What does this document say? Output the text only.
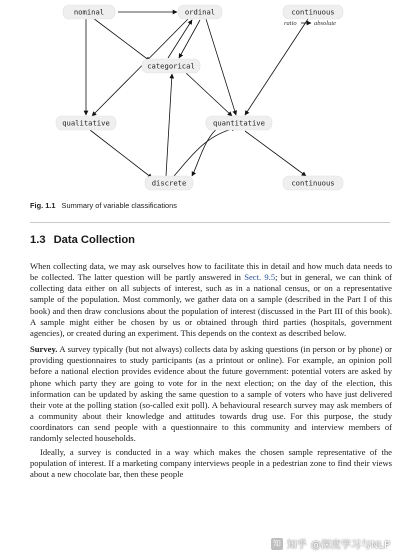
nominal	ordinal	continuous
ratio	absolute
categorical
qualitative	quantitative
discrete	continuous
Fig. 1.1 Summary of variable classifications
1.3 Data Collection

When collecting data, we may ask ourselves how to facilitate this in detail and how much data needs to be collected. The latter question will be partly answered in Sect. 9.5; but in general, we can think of collecting data either on all subjects of interest, such as in a national census, or on a representative sample of the population. Most commonly, we gather data on a sample (described in the Part I of this book) and then draw conclusions about the population of interest (discussed in the Part III of this book). A sample might either be chosen by us or obtained through third parties (hospitals, government agencies), or created during an experiment. This depends on the context as described below.

Survey. A survey typically (but not always) collects data by asking questions (in person or by phone) or providing questionnaires to study participants (as a printout or online). For example, an opinion poll before a national election provides evidence about the future government: potential voters are asked by phone which party they are going to vote for in the next election; on the day of the election, this information can be updated by asking the same question to a sample of voters who have just delivered their vote at the polling station (so-called exit poll). A behavioural research survey may ask members of a community about their knowledge and attitudes towards drug use. For this purpose, the study coordinators can send people with a questionnaire to this community and interview members of randomly selected households.

Ideally, a survey is conducted in a way which makes the chosen sample representative of the population of interest. If a marketing company interviews people in a pedestrian zone to find their views about a new chocolate bar, then these people

知 知乎 @深度学习与NLP
